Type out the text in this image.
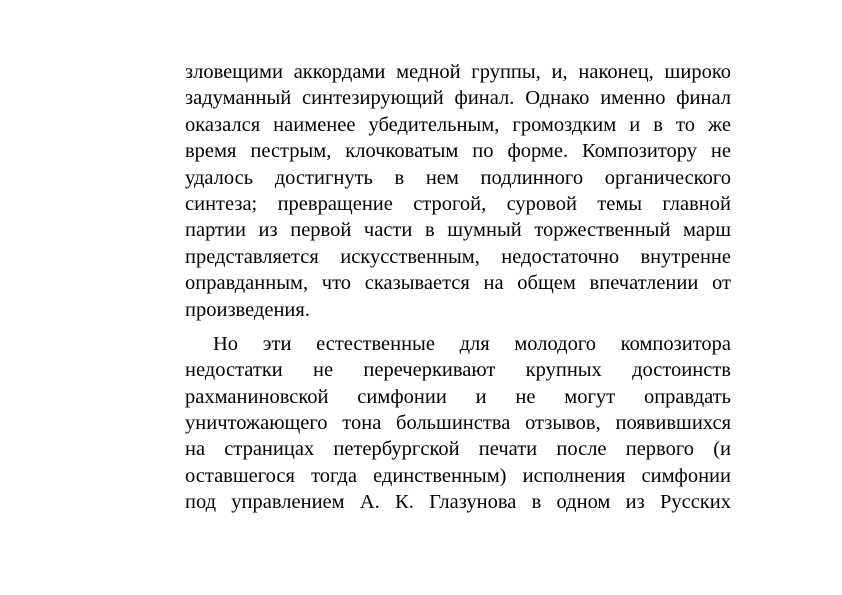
зловещими аккордами медной группы, и, наконец, широко
задуманный синтезирующий финал. Однако именно финал
оказался наименее убедительным, громоздким и в то же
время пестрым, клочковатым по форме. Композитору не
удалось достигнуть в нем подлинного органического
синтеза; превращение строгой, суровой темы главной
партии из первой части в шумный торжественный марш
представляется искусственным, недостаточно внутренне
оправданным, что сказывается на общем впечатлении от
произведения.
Но эти естественные для молодого композитора
недостатки не перечеркивают крупных достоинств
рахманиновской симфонии и не могут оправдать
уничтожающего тона большинства отзывов, появившихся
на страницах петербургской печати после первого (и
оставшегося тогда единственным) исполнения симфонии
под управлением А. К. Глазунова в одном из Русских
